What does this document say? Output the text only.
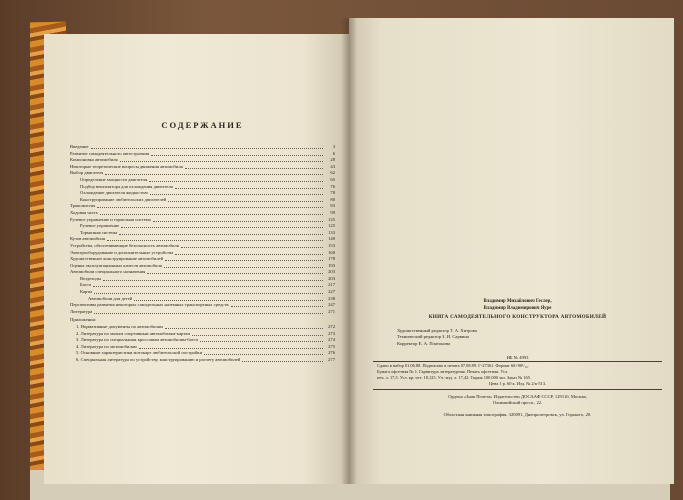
СОДЕРЖАНИЕ
Введение	3
Развитие самодеятельного автостроения	6
Компоновка автомобиля	28
Некоторые теоретические вопросы движения автомобиля	43
Выбор двигателя	62
Определение мощности двигателя	65
Подбор вентилятора для охлаждения двигателя	76
Охлаждение двигателя жидкостью	78
Конструирование любительских двигателей	80
Трансмиссия	83
Ходовая часть	99
Рулевое управление и тормозная система	125
Рулевое управление	125
Тормозная система	133
Кузов автомобиля	140
Устройства, обеспечивающие безопасность автомобиля	153
Электрооборудование и дополнительные устройства	160
Художественное конструирование автомобилей	178
Оценка эксплуатационных качеств автомобиля	193
Автомобили специального назначения	203
Вездеходы	203
Багги	217
Карты	227
Автомобили для детей	238
Перспективы развития некоторых самодельных наземных транспортных средств	247
Литература	271
Приложения:
1. Нормативные документы по автомобилям	272
2. Литература по малым спортивным автомобилям-картам	273
3. Литература по специальным кроссовым автомобилям-багги	274
4. Литература по мотомобилям	275
5. Основные характеристики мотокарт любительской постройки	276
6. Специальная литература по устройству, конструированию и расчету автомобилей	277
Владимир Михайлович Геслер,
Владимир Владимирович Яуре
КНИГА САМОДЕЯТЕЛЬНОГО КОНСТРУКТОРА АВТОМОБИЛЕЙ
Художественный редактор Т. А. Хитрова
Технический редактор З. И. Сарвина
Корректор Е. А. Платонова
ИБ № 4993
Сдано в набор 01.06.88. Подписано в печать 07.08.89. Г-27361. Формат 60×90¹/₁₆.
Бумага офсетная № 1. Гарнитура литературная. Печать офсетная. Усл.
печ. л. 17,5. Усл. кр.-отт. 18,125. Уч.-изд. л. 17,42. Тираж 100 000 экз. Заказ № 165.
Цена 1 р. 60 к. Изд. № 2/к-513.
Ордена «Знак Почета» Издательство ДОСААФ СССР, 129110, Москва,
Олимпийский просп., 22.
Областная книжная типография, 320091, Днепропетровск, ул. Горького, 20.
